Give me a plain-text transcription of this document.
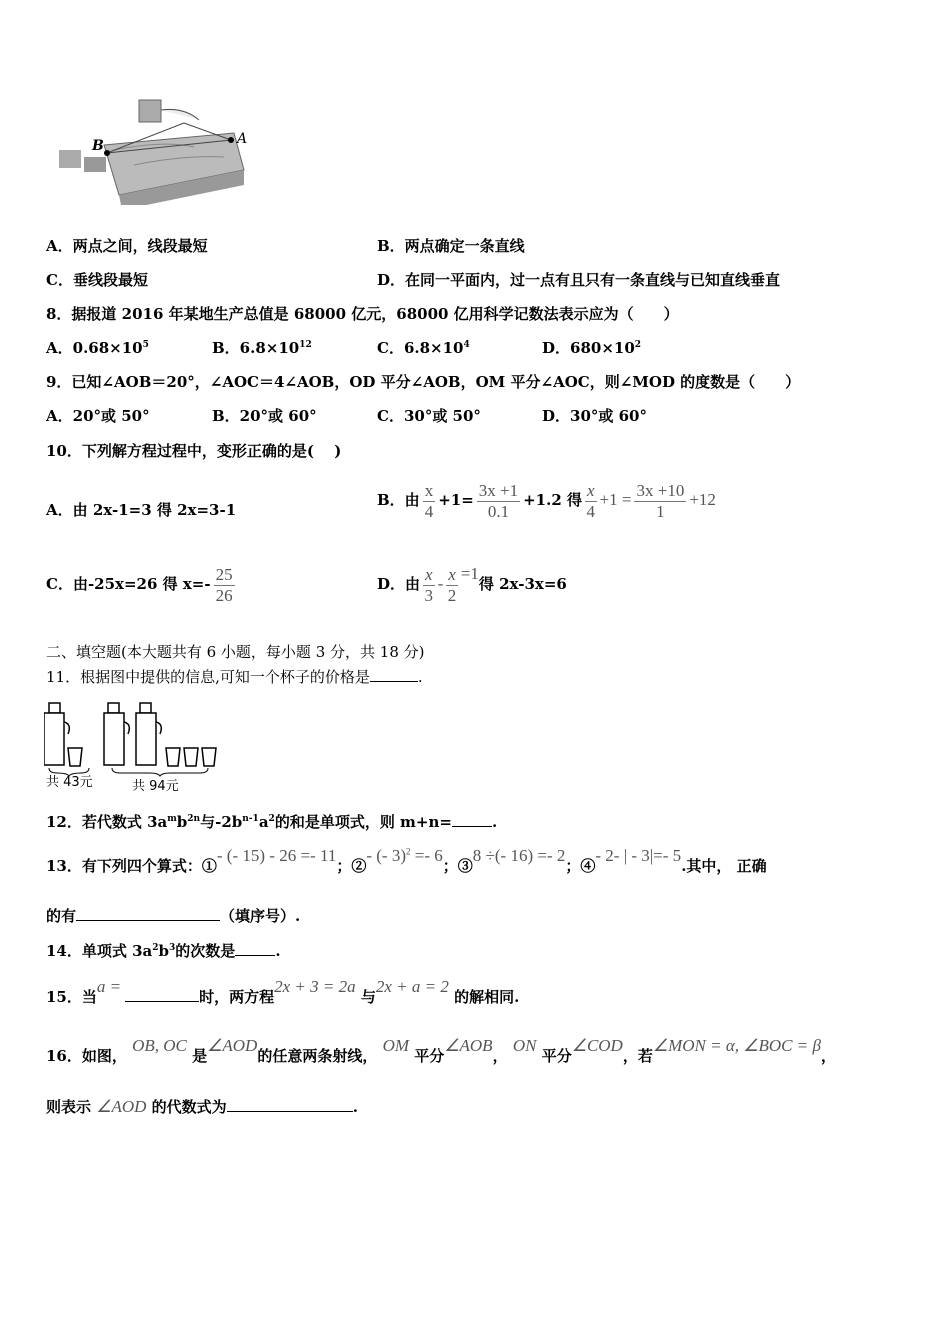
B	A
A．两点之间，线段最短	B．两点确定一条直线
C．垂线段最短	D．在同一平面内，过一点有且只有一条直线与已知直线垂直
8．据报道 2016 年某地生产总值是 68000 亿元，68000 亿用科学记数法表示应为（　　）
A．$0.68\times 10^5$	B．$6.8\times 10^{12}$	C．$6.8\times 10^4$	D．$680\times 10^2$
9．已知∠AOB＝20°，∠AOC＝4∠AOB，OD 平分∠AOB，OM 平分∠AOC，则∠MOD 的度数是（　　）
A．20°或 50°	B．20°或 60°	C．30°或 50°	D．30°或 60°
10．下列解方程过程中，变形正确的是(　 )
A．由 2x-1=3 得 2x=3-1
B．由 $\frac{x}{4} +1= \frac{3x +1}{0.1} +1.2$ 得 $\frac{x}{4} +1 = \frac{3x +10}{1} +12$
C．由-25x=26 得 $x=- \frac{25}{26}$	D．由 $\frac{x}{3} - \frac{x}{2} =1$得 2x-3x=6
二、填空题(本大题共有 6 小题，每小题 3 分，共 18 分)
11．根据图中提供的信息,可知一个杯子的价格是	.
共 43元	共 94元
12．若代数式 $3a^mb^{2n}$与$-2b^{n-1}a^2$的和是单项式，则 m+n=	.
13．有下列四个算式：①- (- 15) - 26 =- 11；②- (- 3)$^2$ =- 6；③8 ÷(- 16) =- 2；④- 2- | - 3|=- 5.其中， 正确
的有	（填序号）.
14．单项式 $3a^2b^3$的次数是	.
15．当a =时，两方程2x + 3 = 2a 与2x + a = 2 的解相同.
16．如图， OB, OC 是∠AOD的任意两条射线， OM 平分∠AOB， ON 平分∠COD，若∠MON = α, ∠BOC = β，
则表示 ∠AOD 的代数式为	.
